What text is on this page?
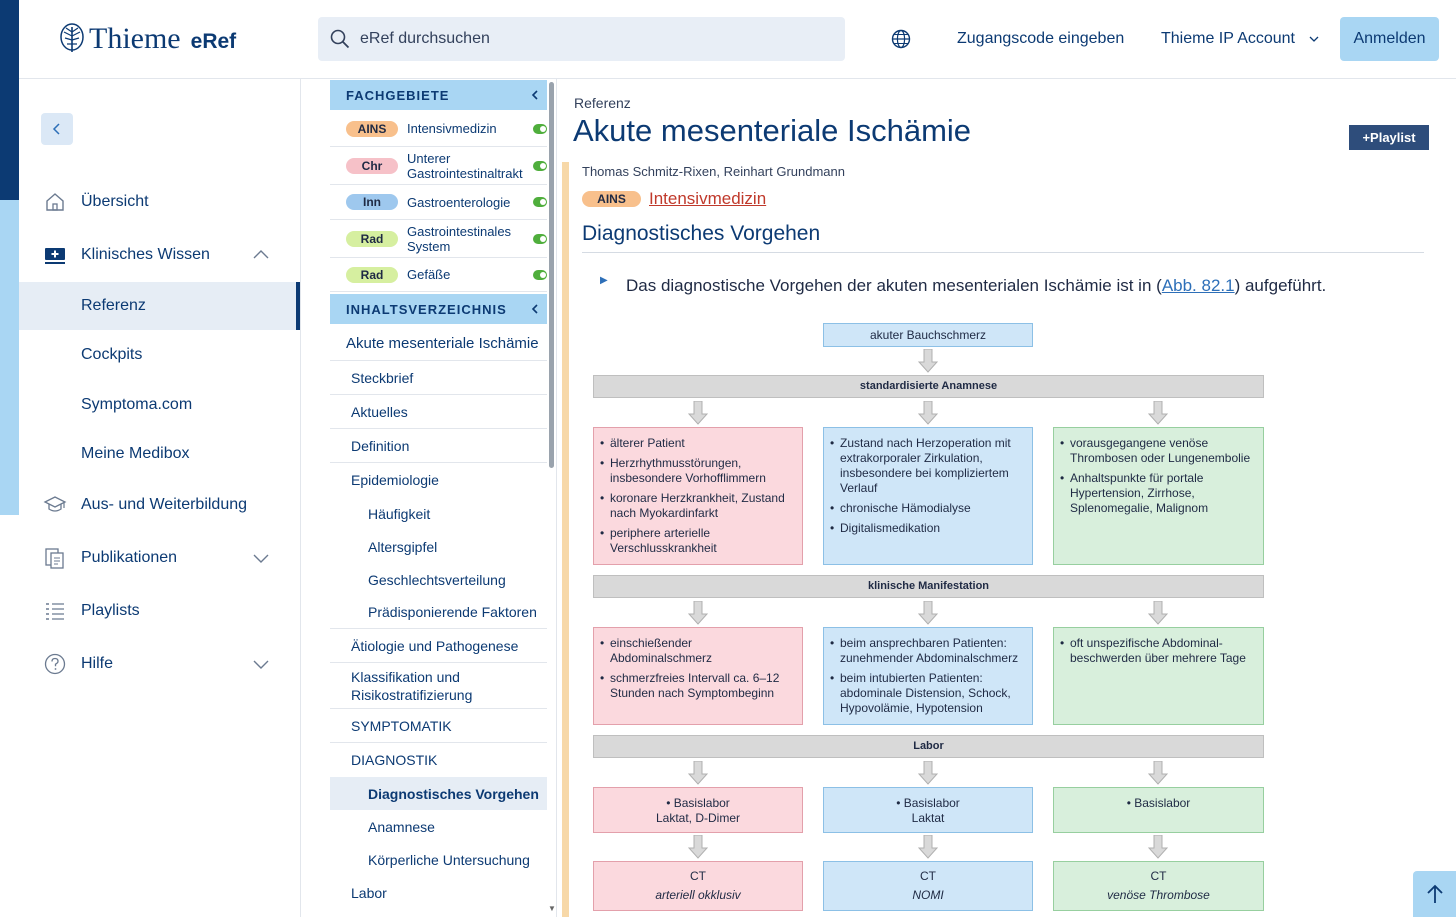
Thieme eRef
eRef durchsuchen	Zugangscode eingeben Thieme IP Account	Anmelden
Übersicht
Klinisches Wissen
Referenz
Cockpits
Symptoma.com
Meine Medibox
Aus- und Weiterbildung
Publikationen
Playlists
Hilfe
FACHGEBIETE
AINS	Intensivmedizin
Chr	Unterer Gastrointestinaltrakt
Inn	Gastroenterologie
Rad	Gastrointestinales System
Rad	Gefäße
INHALTSVERZEICHNIS
Akute mesenteriale Ischämie
Steckbrief
Aktuelles
Definition
Epidemiologie
Häufigkeit
Altersgipfel
Geschlechtsverteilung
Prädisponierende Faktoren
Ätiologie und Pathogenese
Klassifikation und Risikostratifizierung
SYMPTOMATIK
DIAGNOSTIK
Diagnostisches Vorgehen
Anamnese
Körperliche Untersuchung
Labor
▼
Referenz
Akute mesenteriale Ischämie	+Playlist
Thomas Schmitz-Rixen, Reinhart Grundmann
AINS	Intensivmedizin
Diagnostisches Vorgehen
▶ Das diagnostische Vorgehen der akuten mesenterialen Ischämie ist in (Abb. 82.1) aufgeführt.

akuter Bauchschmerz
standardisierte Anamnese
• älterer Patient
• Herzrhythmusstörungen, insbesondere Vorhofflimmern
• koronare Herzkrankheit, Zustand nach Myokardinfarkt
• periphere arterielle Verschlusskrankheit
• Zustand nach Herzoperation mit extrakorporaler Zirkulation, insbesondere bei kompliziertem Verlauf
• chronische Hämodialyse
• Digitalismedikation
• vorausgegangene venöse Thrombosen oder Lungenembolie
• Anhaltspunkte für portale Hypertension, Zirrhose, Splenomegalie, Malignom
klinische Manifestation
• einschießender Abdominalschmerz
• schmerzfreies Intervall ca. 6–12 Stunden nach Symptombeginn
• beim ansprechbaren Patienten: zunehmender Abdominalschmerz
• beim intubierten Patienten: abdominale Distension, Schock, Hypovolämie, Hypotension
• oft unspezifische Abdominal-beschwerden über mehrere Tage
Labor
• Basislabor
Laktat, D-Dimer
• Basislabor
Laktat
• Basislabor
CT
arteriell okklusiv
CT
NOMI
CT
venöse Thrombose
